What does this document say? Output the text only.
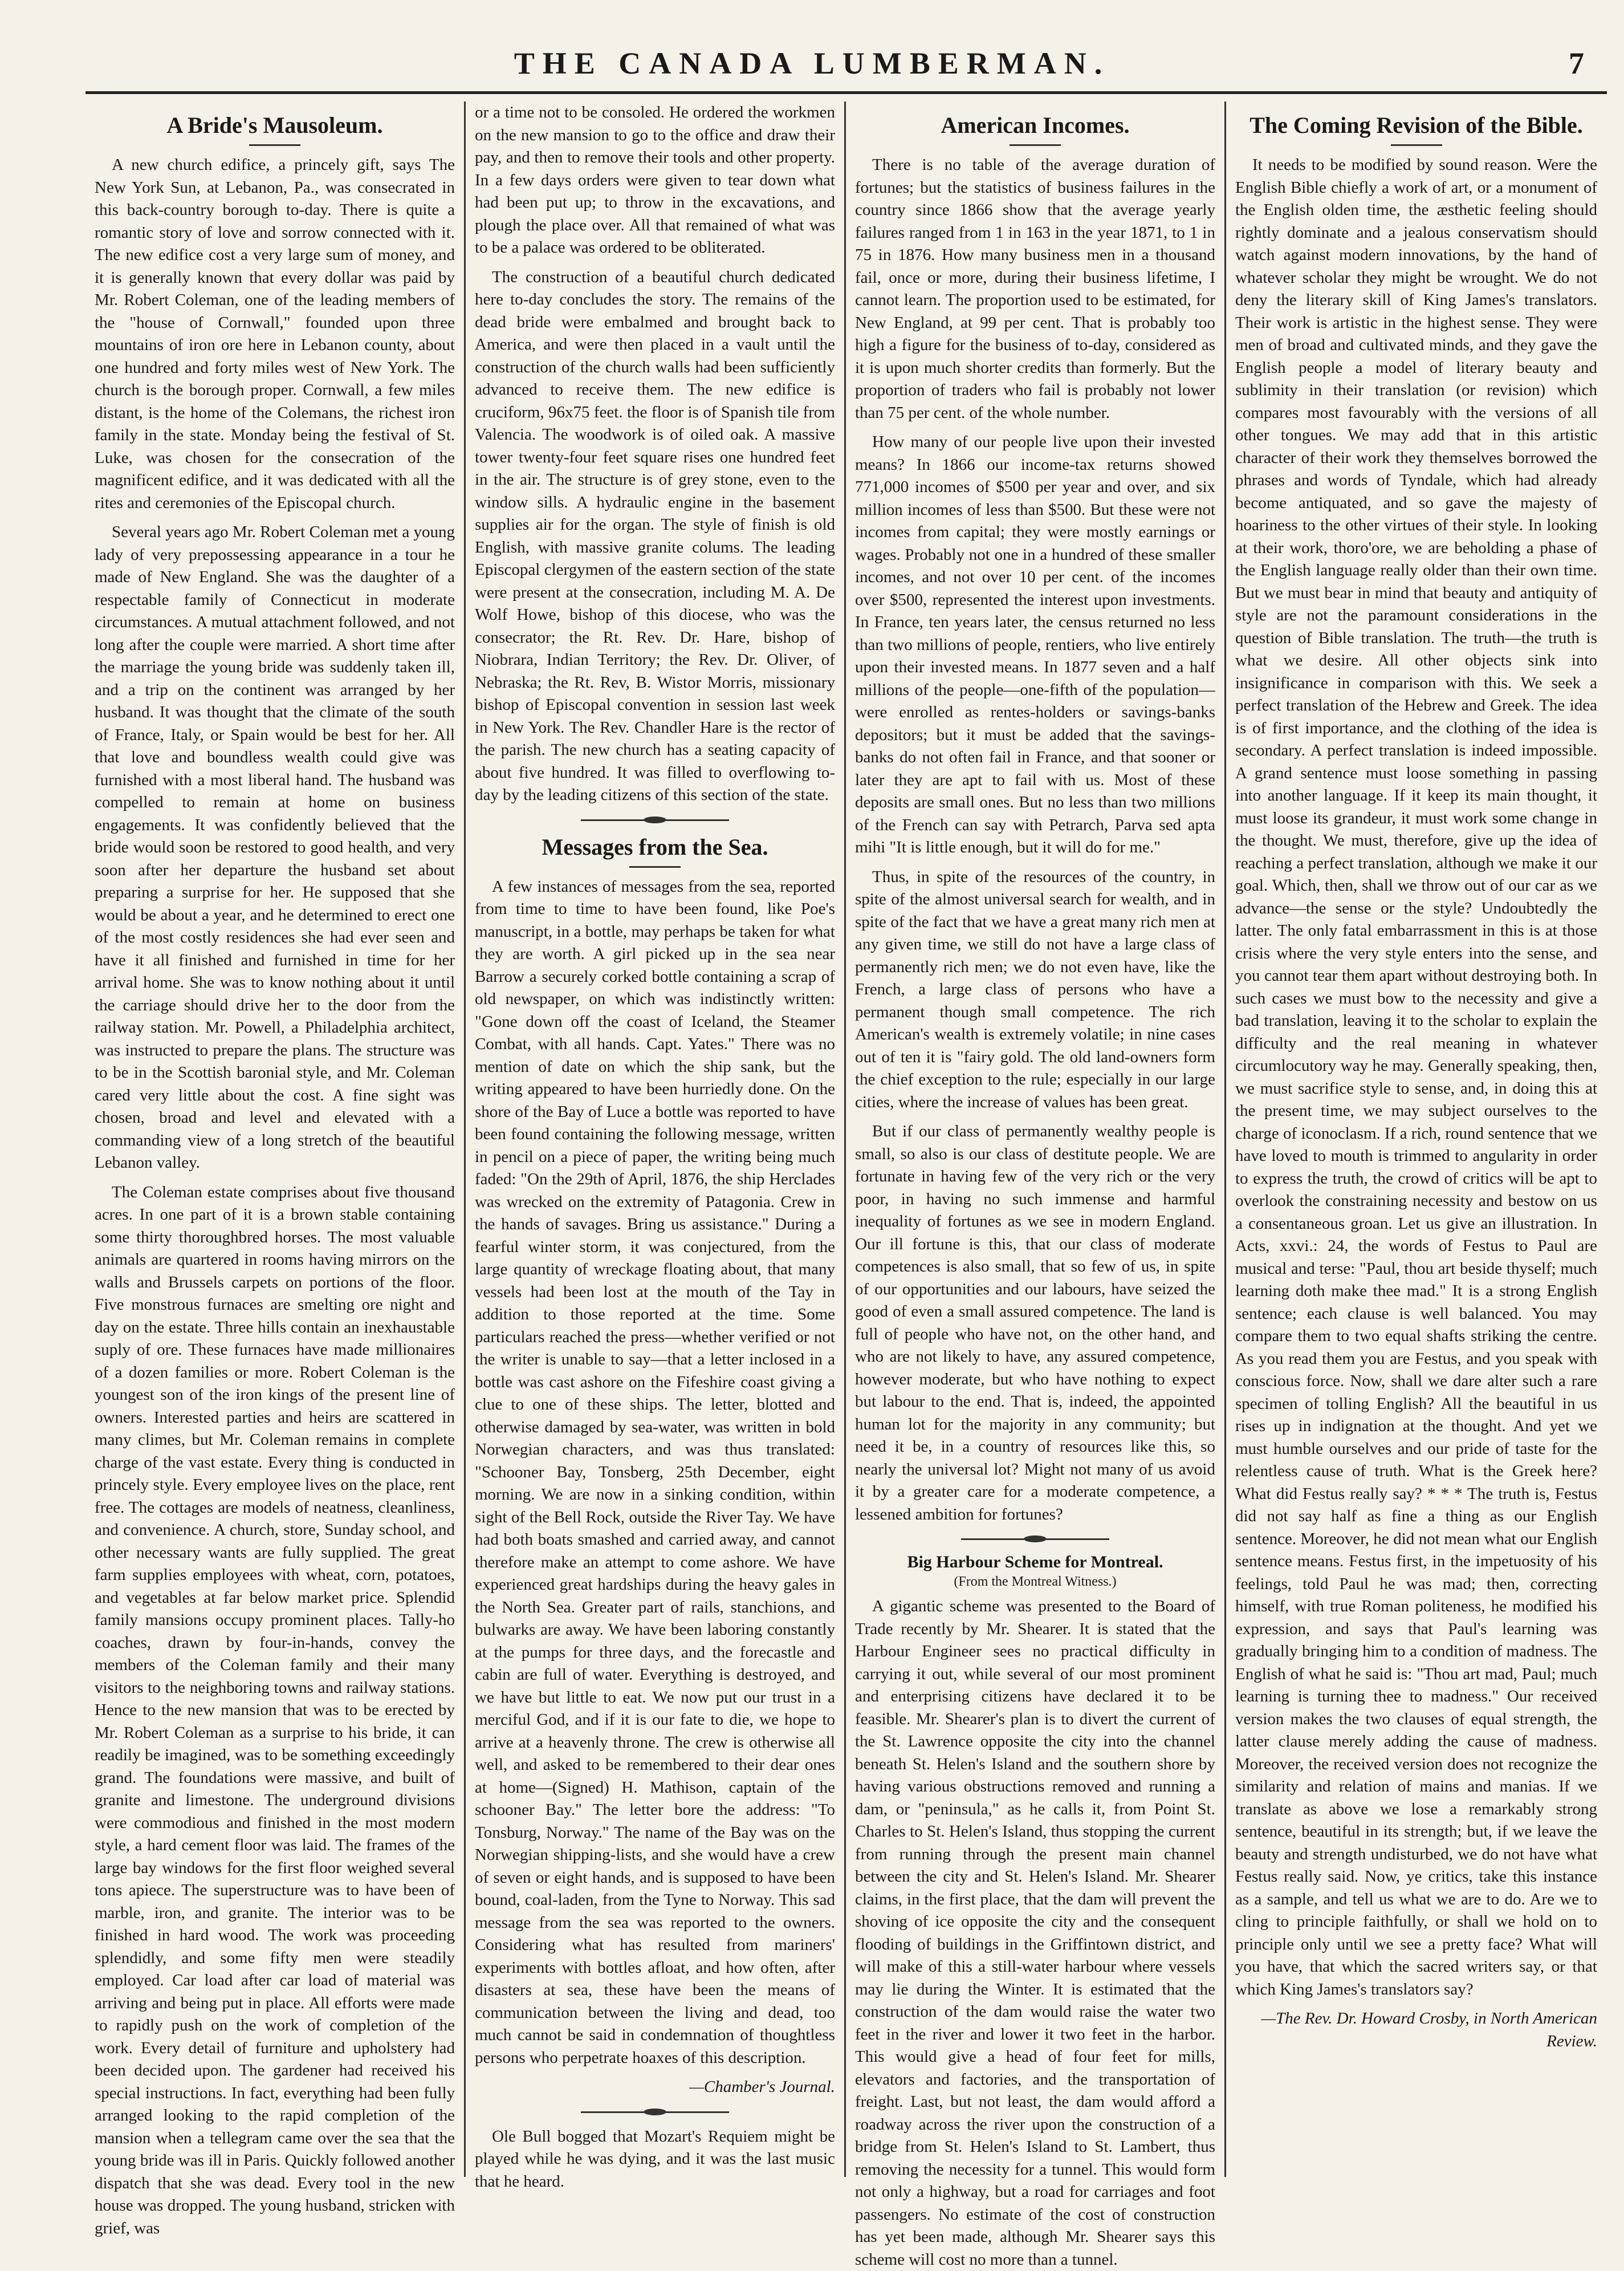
THE CANADA LUMBERMAN.	7
A Bride's Mausoleum.

A new church edifice, a princely gift, says The New York Sun, at Lebanon, Pa., was consecrated in this back-country borough to-day. There is quite a romantic story of love and sorrow connected with it. The new edifice cost a very large sum of money, and it is generally known that every dollar was paid by Mr. Robert Coleman, one of the leading members of the "house of Cornwall," founded upon three mountains of iron ore here in Lebanon county, about one hundred and forty miles west of New York. The church is the borough proper. Cornwall, a few miles distant, is the home of the Colemans, the richest iron family in the state. Monday being the festival of St. Luke, was chosen for the consecration of the magnificent edifice, and it was dedicated with all the rites and ceremonies of the Episcopal church.

Several years ago Mr. Robert Coleman met a young lady of very prepossessing appearance in a tour he made of New England. She was the daughter of a respectable family of Connecticut in moderate circumstances. A mutual attachment followed, and not long after the couple were married. A short time after the marriage the young bride was suddenly taken ill, and a trip on the continent was arranged by her husband. It was thought that the climate of the south of France, Italy, or Spain would be best for her. All that love and boundless wealth could give was furnished with a most liberal hand. The husband was compelled to remain at home on business engagements. It was confidently believed that the bride would soon be restored to good health, and very soon after her departure the husband set about preparing a surprise for her. He supposed that she would be about a year, and he determined to erect one of the most costly residences she had ever seen and have it all finished and furnished in time for her arrival home. She was to know nothing about it until the carriage should drive her to the door from the railway station. Mr. Powell, a Philadelphia architect, was instructed to prepare the plans. The structure was to be in the Scottish baronial style, and Mr. Coleman cared very little about the cost. A fine sight was chosen, broad and level and elevated with a commanding view of a long stretch of the beautiful Lebanon valley.

The Coleman estate comprises about five thousand acres. In one part of it is a brown stable containing some thirty thoroughbred horses. The most valuable animals are quartered in rooms having mirrors on the walls and Brussels carpets on portions of the floor. Five monstrous furnaces are smelting ore night and day on the estate. Three hills contain an inexhaustable suply of ore. These furnaces have made millionaires of a dozen families or more. Robert Coleman is the youngest son of the iron kings of the present line of owners. Interested parties and heirs are scattered in many climes, but Mr. Coleman remains in complete charge of the vast estate. Every thing is conducted in princely style. Every employee lives on the place, rent free. The cottages are models of neatness, cleanliness, and convenience. A church, store, Sunday school, and other necessary wants are fully supplied. The great farm supplies employees with wheat, corn, potatoes, and vegetables at far below market price. Splendid family mansions occupy prominent places. Tally-ho coaches, drawn by four-in-hands, convey the members of the Coleman family and their many visitors to the neighboring towns and railway stations. Hence to the new mansion that was to be erected by Mr. Robert Coleman as a surprise to his bride, it can readily be imagined, was to be something exceedingly grand. The foundations were massive, and built of granite and limestone. The underground divisions were commodious and finished in the most modern style, a hard cement floor was laid. The frames of the large bay windows for the first floor weighed several tons apiece. The superstructure was to have been of marble, iron, and granite. The interior was to be finished in hard wood. The work was proceeding splendidly, and some fifty men were steadily employed. Car load after car load of material was arriving and being put in place. All efforts were made to rapidly push on the work of completion of the work. Every detail of furniture and upholstery had been decided upon. The gardener had received his special instructions. In fact, everything had been fully arranged looking to the rapid completion of the mansion when a tellegram came over the sea that the young bride was ill in Paris. Quickly followed another dispatch that she was dead. Every tool in the new house was dropped. The young husband, stricken with grief, was

or a time not to be consoled. He ordered the workmen on the new mansion to go to the office and draw their pay, and then to remove their tools and other property. In a few days orders were given to tear down what had been put up; to throw in the excavations, and plough the place over. All that remained of what was to be a palace was ordered to be obliterated.

The construction of a beautiful church dedicated here to-day concludes the story. The remains of the dead bride were embalmed and brought back to America, and were then placed in a vault until the construction of the church walls had been sufficiently advanced to receive them. The new edifice is cruciform, 96x75 feet. the floor is of Spanish tile from Valencia. The woodwork is of oiled oak. A massive tower twenty-four feet square rises one hundred feet in the air. The structure is of grey stone, even to the window sills. A hydraulic engine in the basement supplies air for the organ. The style of finish is old English, with massive granite colums. The leading Episcopal clergymen of the eastern section of the state were present at the consecration, including M. A. De Wolf Howe, bishop of this diocese, who was the consecrator; the Rt. Rev. Dr. Hare, bishop of Niobrara, Indian Territory; the Rev. Dr. Oliver, of Nebraska; the Rt. Rev, B. Wistor Morris, missionary bishop of Episcopal convention in session last week in New York. The Rev. Chandler Hare is the rector of the parish. The new church has a seating capacity of about five hundred. It was filled to overflowing to-day by the leading citizens of this section of the state.

Messages from the Sea.

A few instances of messages from the sea, reported from time to time to have been found, like Poe's manuscript, in a bottle, may perhaps be taken for what they are worth. A girl picked up in the sea near Barrow a securely corked bottle containing a scrap of old newspaper, on which was indistinctly written: "Gone down off the coast of Iceland, the Steamer Combat, with all hands. Capt. Yates." There was no mention of date on which the ship sank, but the writing appeared to have been hurriedly done. On the shore of the Bay of Luce a bottle was reported to have been found containing the following message, written in pencil on a piece of paper, the writing being much faded: "On the 29th of April, 1876, the ship Herclades was wrecked on the extremity of Patagonia. Crew in the hands of savages. Bring us assistance." During a fearful winter storm, it was conjectured, from the large quantity of wreckage floating about, that many vessels had been lost at the mouth of the Tay in addition to those reported at the time. Some particulars reached the press—whether verified or not the writer is unable to say—that a letter inclosed in a bottle was cast ashore on the Fifeshire coast giving a clue to one of these ships. The letter, blotted and otherwise damaged by sea-water, was written in bold Norwegian characters, and was thus translated: "Schooner Bay, Tonsberg, 25th December, eight morning. We are now in a sinking condition, within sight of the Bell Rock, outside the River Tay. We have had both boats smashed and carried away, and cannot therefore make an attempt to come ashore. We have experienced great hardships during the heavy gales in the North Sea. Greater part of rails, stanchions, and bulwarks are away. We have been laboring constantly at the pumps for three days, and the forecastle and cabin are full of water. Everything is destroyed, and we have but little to eat. We now put our trust in a merciful God, and if it is our fate to die, we hope to arrive at a heavenly throne. The crew is otherwise all well, and asked to be remembered to their dear ones at home—(Signed) H. Mathison, captain of the schooner Bay." The letter bore the address: "To Tonsburg, Norway." The name of the Bay was on the Norwegian shipping-lists, and she would have a crew of seven or eight hands, and is supposed to have been bound, coal-laden, from the Tyne to Norway. This sad message from the sea was reported to the owners. Considering what has resulted from mariners' experiments with bottles afloat, and how often, after disasters at sea, these have been the means of communication between the living and dead, too much cannot be said in condemnation of thoughtless persons who perpetrate hoaxes of this description.

—Chamber's Journal.

Ole Bull bogged that Mozart's Requiem might be played while he was dying, and it was the last music that he heard.

American Incomes.

There is no table of the average duration of fortunes; but the statistics of business failures in the country since 1866 show that the average yearly failures ranged from 1 in 163 in the year 1871, to 1 in 75 in 1876. How many business men in a thousand fail, once or more, during their business lifetime, I cannot learn. The proportion used to be estimated, for New England, at 99 per cent. That is probably too high a figure for the business of to-day, considered as it is upon much shorter credits than formerly. But the proportion of traders who fail is probably not lower than 75 per cent. of the whole number.

How many of our people live upon their invested means? In 1866 our income-tax returns showed 771,000 incomes of $500 per year and over, and six million incomes of less than $500. But these were not incomes from capital; they were mostly earnings or wages. Probably not one in a hundred of these smaller incomes, and not over 10 per cent. of the incomes over $500, represented the interest upon investments. In France, ten years later, the census returned no less than two millions of people, rentiers, who live entirely upon their invested means. In 1877 seven and a half millions of the people—one-fifth of the population—were enrolled as rentes-holders or savings-banks depositors; but it must be added that the savings-banks do not often fail in France, and that sooner or later they are apt to fail with us. Most of these deposits are small ones. But no less than two millions of the French can say with Petrarch, Parva sed apta mihi "It is little enough, but it will do for me."

Thus, in spite of the resources of the country, in spite of the almost universal search for wealth, and in spite of the fact that we have a great many rich men at any given time, we still do not have a large class of permanently rich men; we do not even have, like the French, a large class of persons who have a permanent though small competence. The rich American's wealth is extremely volatile; in nine cases out of ten it is "fairy gold. The old land-owners form the chief exception to the rule; especially in our large cities, where the increase of values has been great.

But if our class of permanently wealthy people is small, so also is our class of destitute people. We are fortunate in having few of the very rich or the very poor, in having no such immense and harmful inequality of fortunes as we see in modern England. Our ill fortune is this, that our class of moderate competences is also small, that so few of us, in spite of our opportunities and our labours, have seized the good of even a small assured competence. The land is full of people who have not, on the other hand, and who are not likely to have, any assured competence, however moderate, but who have nothing to expect but labour to the end. That is, indeed, the appointed human lot for the majority in any community; but need it be, in a country of resources like this, so nearly the universal lot? Might not many of us avoid it by a greater care for a moderate competence, a lessened ambition for fortunes?

Big Harbour Scheme for Montreal.
(From the Montreal Witness.)

A gigantic scheme was presented to the Board of Trade recently by Mr. Shearer. It is stated that the Harbour Engineer sees no practical difficulty in carrying it out, while several of our most prominent and enterprising citizens have declared it to be feasible. Mr. Shearer's plan is to divert the current of the St. Lawrence opposite the city into the channel beneath St. Helen's Island and the southern shore by having various obstructions removed and running a dam, or "peninsula," as he calls it, from Point St. Charles to St. Helen's Island, thus stopping the current from running through the present main channel between the city and St. Helen's Island. Mr. Shearer claims, in the first place, that the dam will prevent the shoving of ice opposite the city and the consequent flooding of buildings in the Griffintown district, and will make of this a still-water harbour where vessels may lie during the Winter. It is estimated that the construction of the dam would raise the water two feet in the river and lower it two feet in the harbor. This would give a head of four feet for mills, elevators and factories, and the transportation of freight. Last, but not least, the dam would afford a roadway across the river upon the construction of a bridge from St. Helen's Island to St. Lambert, thus removing the necessity for a tunnel. This would form not only a highway, but a road for carriages and foot passengers. No estimate of the cost of construction has yet been made, although Mr. Shearer says this scheme will cost no more than a tunnel.

The Coming Revision of the Bible.

It needs to be modified by sound reason. Were the English Bible chiefly a work of art, or a monument of the English olden time, the æsthetic feeling should rightly dominate and a jealous conservatism should watch against modern innovations, by the hand of whatever scholar they might be wrought. We do not deny the literary skill of King James's translators. Their work is artistic in the highest sense. They were men of broad and cultivated minds, and they gave the English people a model of literary beauty and sublimity in their translation (or revision) which compares most favourably with the versions of all other tongues. We may add that in this artistic character of their work they themselves borrowed the phrases and words of Tyndale, which had already become antiquated, and so gave the majesty of hoariness to the other virtues of their style. In looking at their work, thoro'ore, we are beholding a phase of the English language really older than their own time. But we must bear in mind that beauty and antiquity of style are not the paramount considerations in the question of Bible translation. The truth—the truth is what we desire. All other objects sink into insignificance in comparison with this. We seek a perfect translation of the Hebrew and Greek. The idea is of first importance, and the clothing of the idea is secondary. A perfect translation is indeed impossible. A grand sentence must loose something in passing into another language. If it keep its main thought, it must loose its grandeur, it must work some change in the thought. We must, therefore, give up the idea of reaching a perfect translation, although we make it our goal. Which, then, shall we throw out of our car as we advance—the sense or the style? Undoubtedly the latter. The only fatal embarrassment in this is at those crisis where the very style enters into the sense, and you cannot tear them apart without destroying both. In such cases we must bow to the necessity and give a bad translation, leaving it to the scholar to explain the difficulty and the real meaning in whatever circumlocutory way he may. Generally speaking, then, we must sacrifice style to sense, and, in doing this at the present time, we may subject ourselves to the charge of iconoclasm. If a rich, round sentence that we have loved to mouth is trimmed to angularity in order to express the truth, the crowd of critics will be apt to overlook the constraining necessity and bestow on us a consentaneous groan. Let us give an illustration. In Acts, xxvi.: 24, the words of Festus to Paul are musical and terse: "Paul, thou art beside thyself; much learning doth make thee mad." It is a strong English sentence; each clause is well balanced. You may compare them to two equal shafts striking the centre. As you read them you are Festus, and you speak with conscious force. Now, shall we dare alter such a rare specimen of tolling English? All the beautiful in us rises up in indignation at the thought. And yet we must humble ourselves and our pride of taste for the relentless cause of truth. What is the Greek here? What did Festus really say? * * * The truth is, Festus did not say half as fine a thing as our English sentence. Moreover, he did not mean what our English sentence means. Festus first, in the impetuosity of his feelings, told Paul he was mad; then, correcting himself, with true Roman politeness, he modified his expression, and says that Paul's learning was gradually bringing him to a condition of madness. The English of what he said is: "Thou art mad, Paul; much learning is turning thee to madness." Our received version makes the two clauses of equal strength, the latter clause merely adding the cause of madness. Moreover, the received version does not recognize the similarity and relation of mains and manias. If we translate as above we lose a remarkably strong sentence, beautiful in its strength; but, if we leave the beauty and strength undisturbed, we do not have what Festus really said. Now, ye critics, take this instance as a sample, and tell us what we are to do. Are we to cling to principle faithfully, or shall we hold on to principle only until we see a pretty face? What will you have, that which the sacred writers say, or that which King James's translators say?

—The Rev. Dr. Howard Crosby, in North American Review.
